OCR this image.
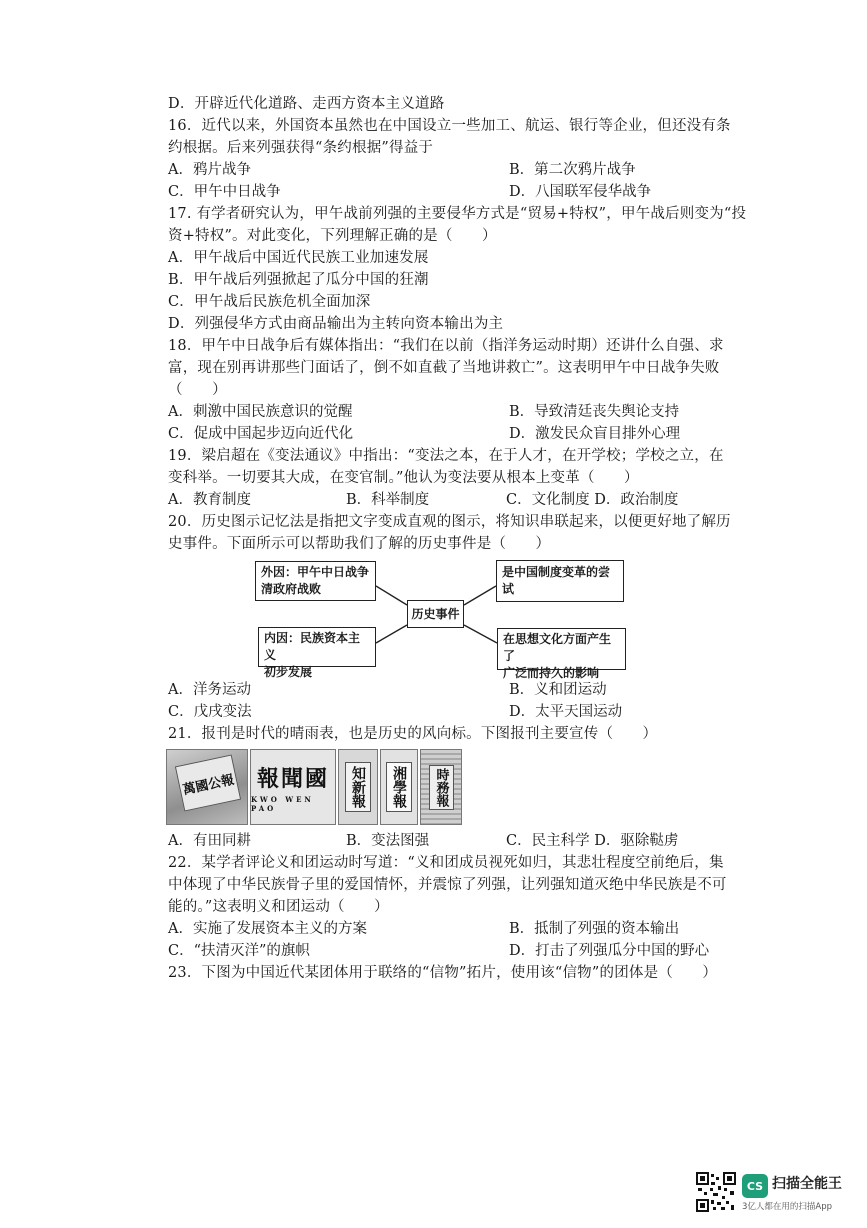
D．开辟近代化道路、走西方资本主义道路
16．近代以来，外国资本虽然也在中国设立一些加工、航运、银行等企业，但还没有条
约根据。后来列强获得“条约根据”得益于
A．鸦片战争	B．第二次鸦片战争
C．甲午中日战争	D．八国联军侵华战争
17. 有学者研究认为，甲午战前列强的主要侵华方式是“贸易+特权”，甲午战后则变为“投
资+特权”。对此变化，下列理解正确的是（　　）
A．甲午战后中国近代民族工业加速发展
B．甲午战后列强掀起了瓜分中国的狂潮
C．甲午战后民族危机全面加深
D．列强侵华方式由商品输出为主转向资本输出为主
18．甲午中日战争后有媒体指出：“我们在以前（指洋务运动时期）还讲什么自强、求
富，现在别再讲那些门面话了，倒不如直截了当地讲救亡”。这表明甲午中日战争失败
（　　）
A．刺激中国民族意识的觉醒	B．导致清廷丧失舆论支持
C．促成中国起步迈向近代化	D．激发民众盲目排外心理
19．梁启超在《变法通议》中指出：“变法之本，在于人才，在开学校；学校之立，在
变科举。一切要其大成，在变官制。”他认为变法要从根本上变革（　　）
A．教育制度	B．科举制度	C．文化制度 D．政治制度
20．历史图示记忆法是指把文字变成直观的图示，将知识串联起来，以便更好地了解历
史事件。下面所示可以帮助我们了解的历史事件是（　　）
外因：甲午中日战争
清政府战败
内因：民族资本主义
初步发展
历史事件
是中国制度变革的尝试
在思想文化方面产生了
广泛而持久的影响
A．洋务运动	B．义和团运动
C．戊戌变法	D．太平天国运动
21．报刊是时代的晴雨表，也是历史的风向标。下图报刊主要宣传（　　）
萬國公報 報聞國
KWO WEN PAO	知新報	湘學報	時務報
A．有田同耕	B．变法图强	C．民主科学 D．驱除鞑虏
22．某学者评论义和团运动时写道：“义和团成员视死如归，其悲壮程度空前绝后，集
中体现了中华民族骨子里的爱国情怀，并震惊了列强，让列强知道灭绝中华民族是不可
能的。”这表明义和团运动（　　）
A．实施了发展资本主义的方案	B．抵制了列强的资本输出
C．“扶清灭洋”的旗帜	D．打击了列强瓜分中国的野心
23．下图为中国近代某团体用于联络的“信物”拓片，使用该“信物”的团体是（　　）
CS 扫描全能王
3亿人都在用的扫描App
